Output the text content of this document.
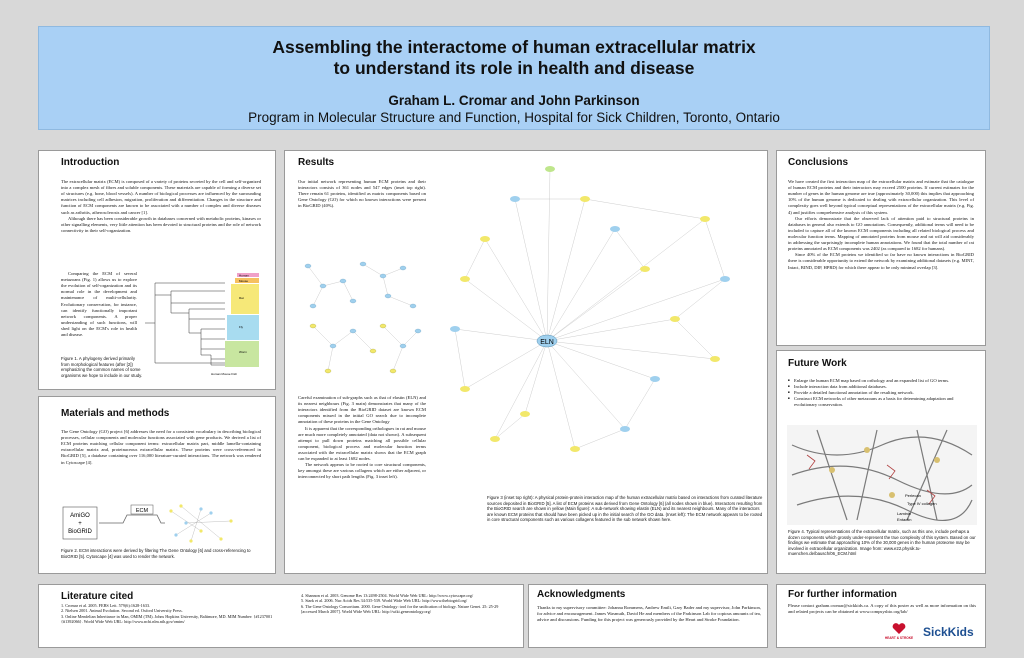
Assembling the interactome of human extracellular matrix
to understand its role in health and disease
Graham L. Cromar and John Parkinson
Program in Molecular Structure and Function, Hospital for Sick Children, Toronto, Ontario
Introduction

The extracellular matrix (ECM) is composed of a variety of proteins secreted by the cell and self-organized into a complex mesh of fibres and soluble components. These materials are capable of forming a diverse set of structures (e.g. bone, blood vessels). A number of biological processes are influenced by the surrounding matrices including cell adhesion, migration, proliferation and differentiation. Changes in the structure and function of ECM components are known to be associated with a number of complex and diverse diseases such as arthritis, atherosclerosis and cancer [1].

Although there has been considerable growth in databases concerned with metabolic proteins, kinases or other signalling elements, very little attention has been devoted to structural proteins and the role of network connectivity in their self-organization.

Comparing the ECM of several metazoans (Fig. 1) allows us to explore the evolution of self-organization and its normal role in the development and maintenance of multi-cellularity. Evolutionary conservation, for instance, can identify functionally important network components. A proper understanding of such functions, will shed light on the ECM's role in health and disease.

Human
Mouse
Rat
Fly
Worm
Human Mouse Fish
Figure 1. A phylogeny derived primarily from morphological features (after [2]) emphasizing the common names of some organisms we hope to include in our study.
Materials and methods

The Gene Ontology (GO) project [6] addresses the need for a consistent vocabulary in describing biological processes, cellular components and molecular functions associated with gene products. We derived a list of ECM proteins matching cellular component terms: extracellular matrix part, middle lamella-containing extracellular matrix and, proteinaceous extracellular matrix. These proteins were cross-referenced in BioGRID [5], a database containing over 116,000 literature-curated interactions. The network was rendered in Cytoscape [4].

AmiGO
+
BioGRID
ECM
Figure 2. ECM interactions were derived by filtering The Gene Ontology [6] and cross-referencing to BioGRID [5]. Cytoscape [4] was used to render the network.
Results

Our initial network representing human ECM proteins and their interactors consists of 361 nodes and 547 edges (inset top right). There remain 61 proteins, identified as matrix components based on Gene Ontology (GO) for which no known interactions were present in BioGRID (40%).

ELN

Careful examination of sub-graphs such as that of elastin (ELN) and its nearest neighbours (Fig. 3 main) demonstrates that many of the interactors identified from the BioGRID dataset are known ECM components missed in the initial GO search due to incomplete annotation of these proteins in the Gene Ontology

It is apparent that the corresponding orthologues in rat and mouse are much more completely annotated (data not shown). A subsequent attempt to pull down proteins matching all possible cellular component, biological process and molecular function terms associated with the extracellular matrix shows that the ECM graph can be expanded to at least 1682 nodes.

The network appears to be rooted to core structural components, key amongst these are various collagens which are either adjacent, or interconnected by short path lengths (Fig. 3 inset left).

Figure 3 (inset top right): A physical protein-protein interaction map of the human extracellular matrix based on interactions from curated literature sources deposited in BioGRID [5]. A list of ECM proteins was derived from Gene Ontology [6] (all nodes shown in blue). Interactors resulting from the BioGRID search are shown in yellow (Main figure): A sub-network showing elastin (ELN) and its nearest neighbours. Many of the interactors are known ECM proteins that should have been picked up in the initial search of the GO data. (Inset left): The ECM network appears to be rooted in core structural components such as various collagens featured in the sub network shown here.
Conclusions

We have created the first interaction map of the extracellular matrix and estimate that the catalogue of human ECM proteins and their interactors may exceed 2500 proteins. If current estimates for the number of genes in the human genome are true (approximately 30,000) this implies that approaching 10% of the human genome is dedicated to dealing with extracellular organization. This level of complexity goes well beyond typical conceptual representations of the extracellular matrix (e.g. Fig. 4) and justifies comprehensive analysis of this system.

Our efforts demonstrate that the observed lack of attention paid to structural proteins in databases in general also extends to GO annotations. Consequently, additional terms will need to be included to capture all of the known ECM components including all related biological process and molecular function terms. Mapping of annotated proteins from mouse and rat will aid considerably in addressing the surprisingly incomplete human annotations. We found that the total number of rat proteins annotated as ECM components was 2402 (as compared to 1682 for humans).

Since 40% of the ECM proteins we identified so far have no known interactions in BioGRID there is considerable opportunity to extend the network by examining additional datasets (e.g. MINT, Intact, BIND, DIP, HPRD) for which there appear to be only minimal overlap [3].

Future Work
■ Enlarge the human ECM map based on orthology and an expanded list of GO terms.
■ Include interaction data from additional databases.
■ Provide a detailed functional annotation of the resulting network.
■ Construct ECM networks of other metazoans as a basis for determining adaptation and evolutionary conservation.
Perlecan
Type IV collagen
Laminin
Entactin
Figure 4. Typical representations of the extracellular matrix, such as this one, include perhaps a dozen components which grossly under-represent the true complexity of this system. Based on our findings we estimate that approaching 10% of the 30,000 genes in the human proteome may be involved in extracellular organization. Image from: www.e22.physik.tu-muenchen.de/bausch/06_ECM.html
Literature cited
1. Cromar et al. 2005. FEBS Lett. 579(6):1628-1633.
2. Nielsen 2001. Animal Evolution. Second ed. Oxford University Press.
3. Online Mendelian Inheritance in Man, OMIM (TM). Johns Hopkins University, Baltimore, MD. MIM Number: {#1237001 {#1392066}. World Wide Web URL: http://www.ncbi.nlm.nih.gov/omim/
4. Shannon et al. 2003. Genome Res 13:2498-2504. World Wide Web URL: http://www.cytoscape.org/
5. Stark et al. 2006. Nuc Acids Res 34:535-539. World Wide Web URL: http://www.thebiogrid.org/
6. The Gene Ontology Consortium. 2000. Gene Ontology: tool for the unification of biology. Nature Genet. 25: 25-29 [accessed March 2007]. World Wide Web URL: http://wiki.geneontology.org/
Acknowledgments

Thanks to my supervisory committee: Johanna Rommens, Andrew Emili, Gary Bader and my supervisor, John Parkinson, for advice and encouragement. James Wasmuth, David He and members of the Parkinson Lab for copious amounts of tea, advice and discussions. Funding for this project was generously provided by the Heart and Stroke Foundation.

For further information

Please contact graham.cromar@sickkids.ca. A copy of this poster as well as more information on this and related projects can be obtained at www.compsysbio.org/lab/

HEART & STROKE SickKids
